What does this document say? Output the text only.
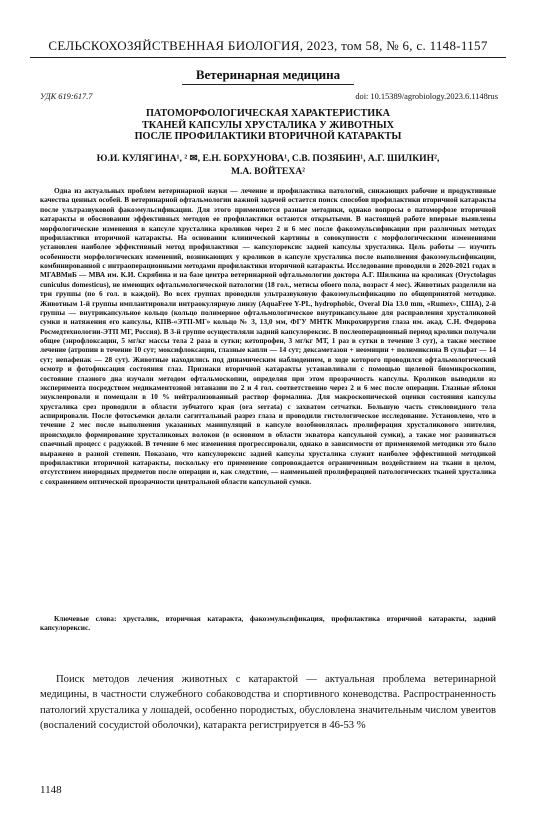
СЕЛЬСКОХОЗЯЙСТВЕННАЯ БИОЛОГИЯ, 2023, том 58, № 6, с. 1148-1157
Ветеринарная медицина
УДК 619:617.7	doi: 10.15389/agrobiology.2023.6.1148rus
ПАТОМОРФОЛОГИЧЕСКАЯ ХАРАКТЕРИСТИКА
ТКАНЕЙ КАПСУЛЫ ХРУСТАЛИКА У ЖИВОТНЫХ
ПОСЛЕ ПРОФИЛАКТИКИ ВТОРИЧНОЙ КАТАРАКТЫ
Ю.И. КУЛЯГИНА¹, ² ✉, Е.Н. БОРХУНОВА¹, С.В. ПОЗЯБИН¹, А.Г. ШИЛКИН²,
М.А. ВОЙТЕХА²

Одна из актуальных проблем ветеринарной науки — лечение и профилактика патологий, снижающих рабочие и продуктивные качества ценных особей. В ветеринарной офтальмологии важной задачей остается поиск способов профилактики вторичной катаракты после ультразвуковой факоэмульсификации. Для этого применяются разные методики, однако вопросы о патоморфозе вторичной катаракты и обосновании эффективных методов ее профилактики остаются открытыми. В настоящей работе впервые выявлены морфологические изменения в капсуле хрусталика кроликов через 2 и 6 мес после факоэмульсификации при различных методах профилактики вторичной катаракты. На основании клинической картины в совокупности с морфологическими изменениями установлен наиболее эффективный метод профилактики — капсулорексис задней капсулы хрусталика. Цель работы — изучить особенности морфологических изменений, возникающих у кроликов в капсуле хрусталика после выполнения факоэмульсификации, комбинированной с интраоперационными методами профилактики вторичной катаракты. Исследование проводили в 2020-2021 годах в МГАВМиБ — МВА им. К.И. Скрябина и на базе центра ветеринарной офтальмологии доктора А.Г. Шилкина на кроликах (Oryctolagus cuniculus domesticus), не имеющих офтальмологической патологии (18 гол., метисы обоего пола, возраст 4 мес). Животных разделили на три группы (по 6 гол. в каждой). Во всех группах проводили ультразвуковую факоэмульсификацию по общепринятой методике. Животным 1-й группы имплантировали интраокулярную линзу (AquaFree Y-PL, hydrophobic, Overal Dia 13.0 mm, «Rumex», США), 2-й группы — внутрикапсульное кольцо (кольцо полимерное офтальмологическое внутрикапсульное для расправления хрусталиковой сумки и натяжения его капсулы, КПВ-«ЭТП-МГ» кольцо № 3, 13,0 мм, ФГУ МНТК Микрохирургия глаза им. акад. С.Н. Федорова Росмедтехнологии-ЭТП МГ, Россия). В 3-й группе осуществляли задний капсулорексис. В послеоперационный период кролики получали общее (энрофлоксацин, 5 мг/кг массы тела 2 раза в сутки; кетопрофен, 3 мг/кг МТ, 1 раз в сутки в течение 3 сут), а также местное лечение (атропин в течение 10 сут; моксифлоксацин, глазные капли — 14 сут; дексаметазон + неомицин + полимиксина В сульфат — 14 сут; непафенак — 28 сут). Животные находились под динамическим наблюдением, в ходе которого проводился офтальмологический осмотр и фотофиксация состояния глаз. Признаки вторичной катаракты устанавливали с помощью щелевой биомикроскопии, состояние глазного дна изучали методом офтальмоскопии, определяя при этом прозрачность капсулы. Кроликов выводили из эксперимента посредством медикаментозной эвтаназии по 2 и 4 гол. соответственно через 2 и 6 мес после операции. Глазные яблоки энуклеировали и помещали в 10 % нейтрализованный раствор формалина. Для макроскопической оценки состояния капсулы хрусталика срез проводили в области зубчатого края (ora serrata) с захватом сетчатки. Большую часть стекловидного тела аспирировали. После фотосъемки делали сагиттальный разрез глаза и проводили гистологическое исследование. Установлено, что в течение 2 мес после выполнения указанных манипуляций в капсуле возобновлялась пролиферация хрусталикового эпителия, происходило формирование хрусталиковых волокон (в основном в области экватора капсульной сумки), а также мог развиваться спаечный процесс с радужкой. В течение 6 мес изменения прогрессировали, однако в зависимости от применяемой методики это было выражено в разной степени. Показано, что капсулорексис задней капсулы хрусталика служит наиболее эффективной методикой профилактики вторичной катаракты, поскольку его применение сопровождается ограниченным воздействием на ткани в целом, отсутствием инородных предметов после операции и, как следствие, — наименьшей пролиферацией патологических тканей хрусталика с сохранением оптической прозрачности центральной области капсульной сумки.

Ключевые слова: хрусталик, вторичная катаракта, факоэмульсификация, профилактика вторичной катаракты, задний капсулорексис.

Поиск методов лечения животных с катарактой — актуальная проблема ветеринарной медицины, в частности служебного собаководства и спортивного коневодства. Распространенность патологий хрусталика у лошадей, особенно породистых, обусловлена значительным числом увеитов (воспалений сосудистой оболочки), катаракта регистрируется в 46-53 %

1148
